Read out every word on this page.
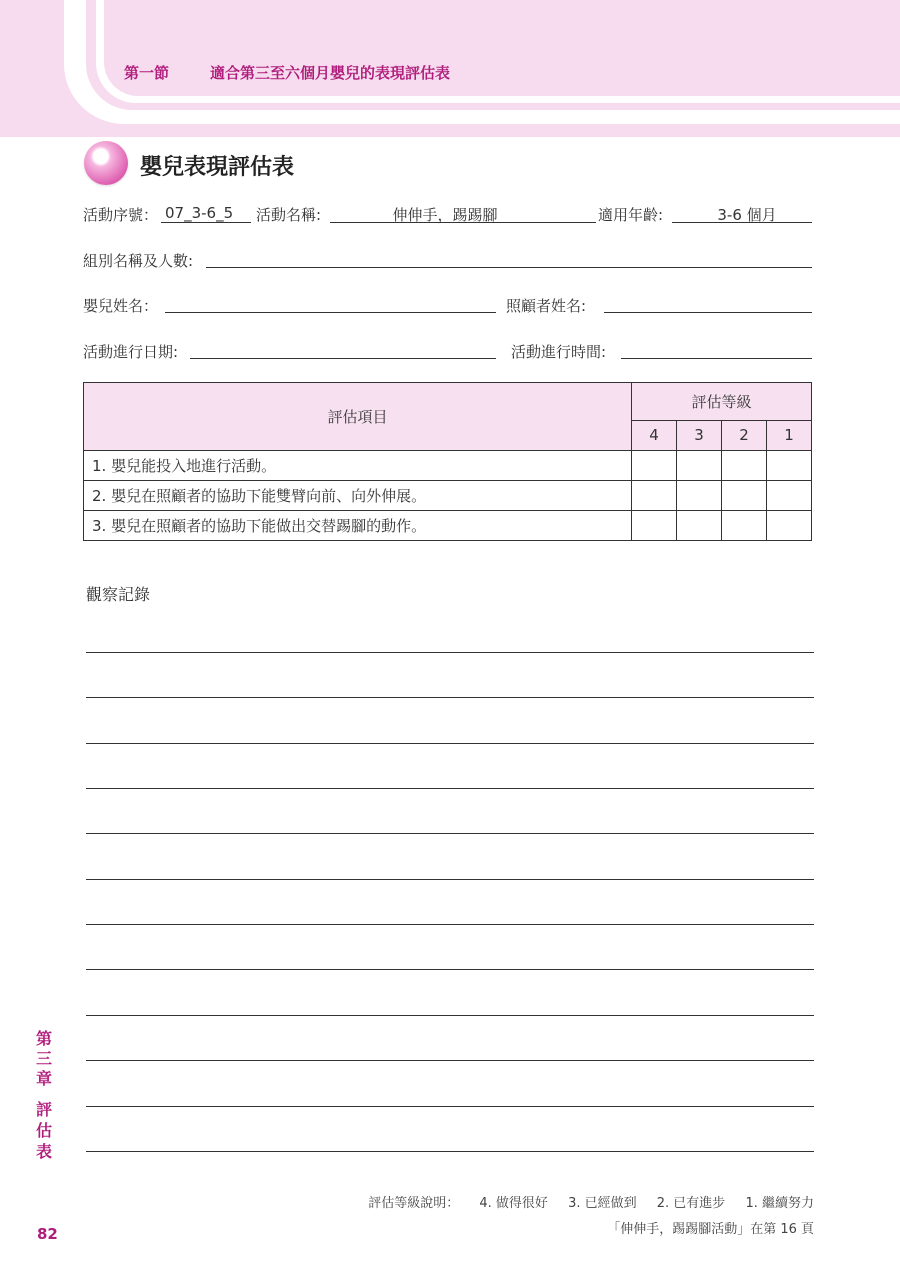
第一節	適合第三至六個月嬰兒的表現評估表
嬰兒表現評估表
活動序號： 07_3-6_5	活動名稱:	伸伸手，踢踢腳	適用年齡:	3-6 個月
組別名稱及人數:
嬰兒姓名：	照顧者姓名:
活動進行日期:	活動進行時間:
評估項目	評估等級			
	4	3	2	1
1. 嬰兒能投入地進行活動。				
2. 嬰兒在照顧者的協助下能雙臂向前、向外伸展。				
3. 嬰兒在照顧者的協助下能做出交替踢腳的動作。				
觀察記錄
第
三
章
評
估
表
評估等級說明： 4. 做得很好 3. 已經做到 2. 已有進步 1. 繼續努力
「伸伸手，踢踢腳活動」在第 16 頁
82
